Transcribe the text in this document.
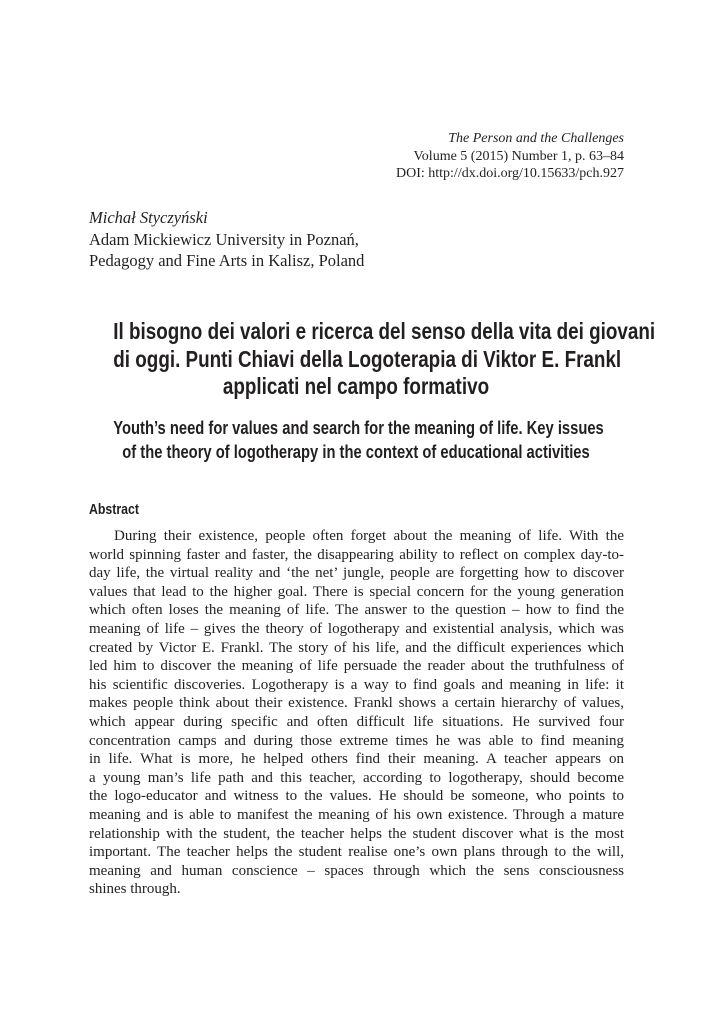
The Person and the Challenges
Volume 5 (2015) Number 1, p. 63–84
DOI: http://dx.doi.org/10.15633/pch.927
Michał Styczyński
Adam Mickiewicz University in Poznań,
Pedagogy and Fine Arts in Kalisz, Poland
Il bisogno dei valori e ricerca del senso della vita dei giovani
di oggi. Punti Chiavi della Logoterapia di Viktor E. Frankl
applicati nel campo formativo
Youth’s need for values and search for the meaning of life. Key issues
of the theory of logotherapy in the context of educational activities
Abstract
During their existence, people often forget about the meaning of life. With the
world spinning faster and faster, the disappearing ability to reflect on complex day-to-
day life, the virtual reality and ‘the net’ jungle, people are forgetting how to discover
values that lead to the higher goal. There is special concern for the young generation
which often loses the meaning of life. The answer to the question – how to find the
meaning of life – gives the theory of logotherapy and existential analysis, which was
created by Victor E. Frankl. The story of his life, and the difficult experiences which
led him to discover the meaning of life persuade the reader about the truthfulness of
his scientific discoveries. Logotherapy is a way to find goals and meaning in life: it
makes people think about their existence. Frankl shows a certain hierarchy of values,
which appear during specific and often difficult life situations. He survived four
concentration camps and during those extreme times he was able to find meaning
in life. What is more, he helped others find their meaning. A teacher appears on
a young man’s life path and this teacher, according to logotherapy, should become
the logo-educator and witness to the values. He should be someone, who points to
meaning and is able to manifest the meaning of his own existence. Through a mature
relationship with the student, the teacher helps the student discover what is the most
important. The teacher helps the student realise one’s own plans through to the will,
meaning and human conscience – spaces through which the sens consciousness
shines through.
